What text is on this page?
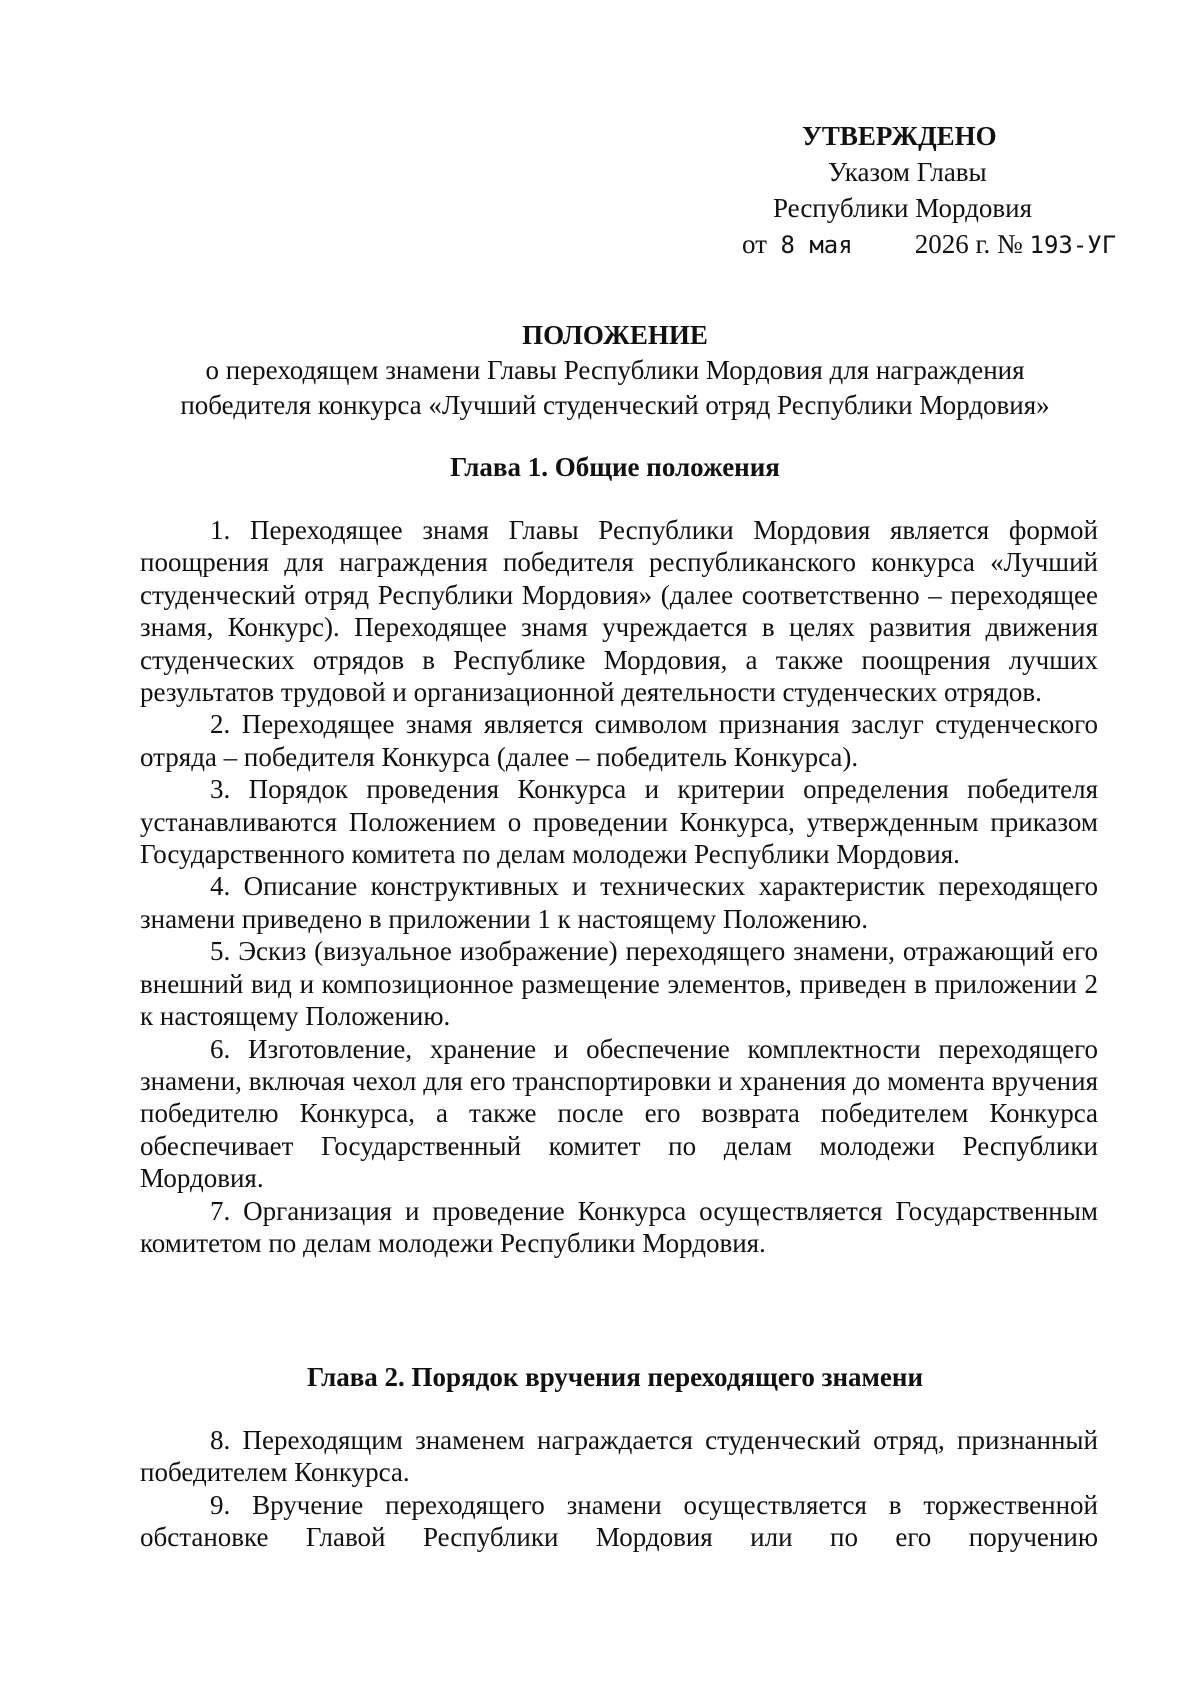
УТВЕРЖДЕНО
Указом Главы
Республики Мордовия
от 8 мая 2026 г. № 193-УГ
ПОЛОЖЕНИЕ
о переходящем знамени Главы Республики Мордовия для награждения
победителя конкурса «Лучший студенческий отряд Республики Мордовия»
Глава 1. Общие положения

1. Переходящее знамя Главы Республики Мордовия является формой поощрения для награждения победителя республиканского конкурса «Лучший студенческий отряд Республики Мордовия» (далее соответственно – переходящее знамя, Конкурс). Переходящее знамя учреждается в целях развития движения студенческих отрядов в Республике Мордовия, а также поощрения лучших результатов трудовой и организационной деятельности студенческих отрядов.

2. Переходящее знамя является символом признания заслуг студенческого отряда – победителя Конкурса (далее – победитель Конкурса).

3. Порядок проведения Конкурса и критерии определения победителя устанавливаются Положением о проведении Конкурса, утвержденным приказом Государственного комитета по делам молодежи Республики Мордовия.

4. Описание конструктивных и технических характеристик переходящего знамени приведено в приложении 1 к настоящему Положению.

5. Эскиз (визуальное изображение) переходящего знамени, отражающий его внешний вид и композиционное размещение элементов, приведен в приложении 2 к настоящему Положению.

6. Изготовление, хранение и обеспечение комплектности переходящего знамени, включая чехол для его транспортировки и хранения до момента вручения победителю Конкурса, а также после его возврата победителем Конкурса обеспечивает Государственный комитет по делам молодежи Республики Мордовия.

7. Организация и проведение Конкурса осуществляется Государственным комитетом по делам молодежи Республики Мордовия.

Глава 2. Порядок вручения переходящего знамени

8. Переходящим знаменем награждается студенческий отряд, признанный победителем Конкурса.

9. Вручение переходящего знамени осуществляется в торжественной обстановке Главой Республики Мордовия или по его поручению
